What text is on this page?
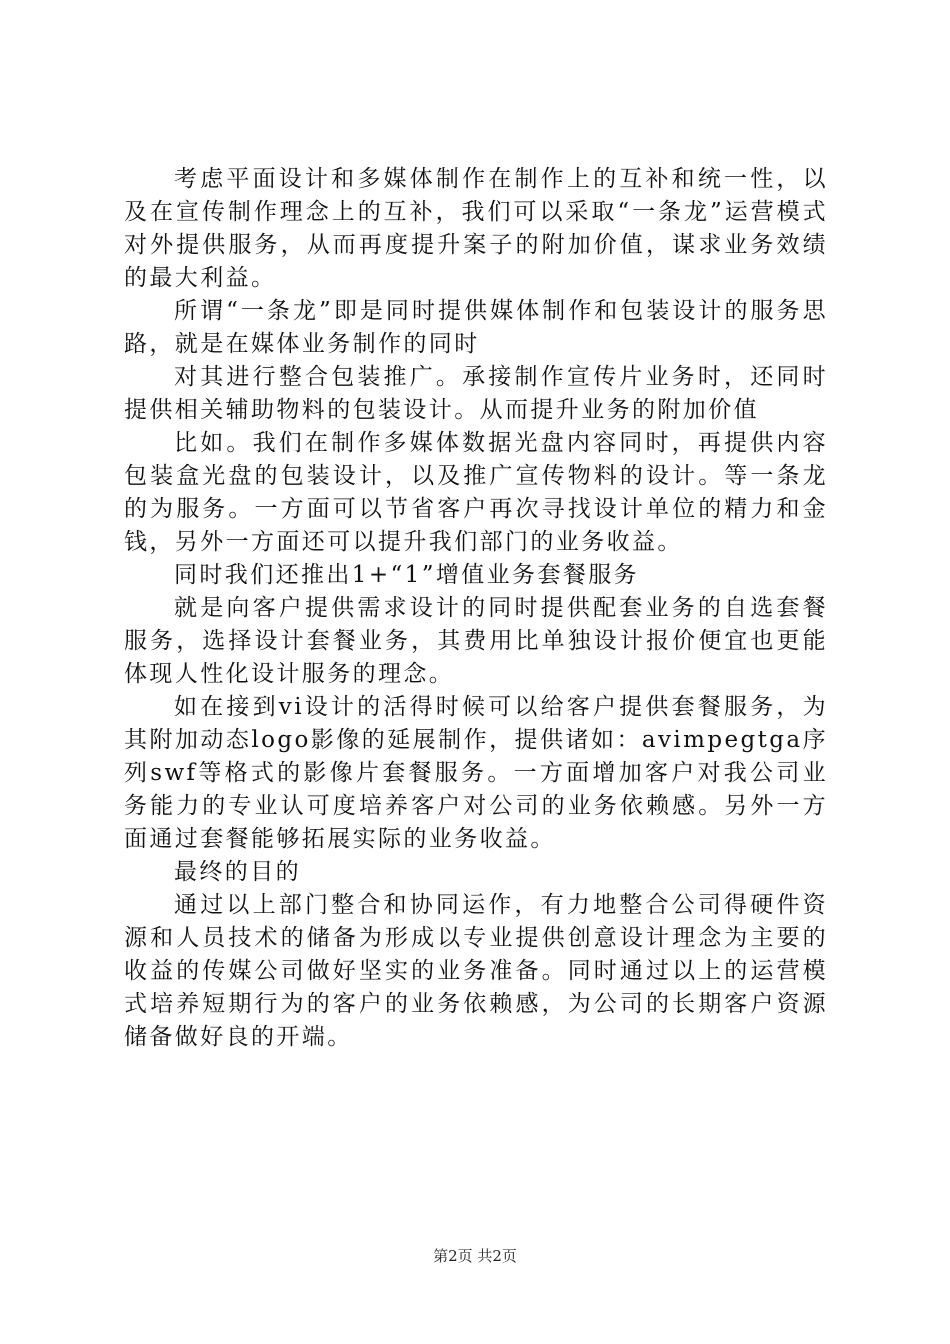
考虑平面设计和多媒体制作在制作上的互补和统一性，以及在宣传制作理念上的互补，我们可以采取“一条龙”运营模式对外提供服务，从而再度提升案子的附加价值，谋求业务效绩的最大利益。

所谓“一条龙”即是同时提供媒体制作和包装设计的服务思路，就是在媒体业务制作的同时

对其进行整合包装推广。承接制作宣传片业务时，还同时提供相关辅助物料的包装设计。从而提升业务的附加价值

比如。我们在制作多媒体数据光盘内容同时，再提供内容包装盒光盘的包装设计，以及推广宣传物料的设计。等一条龙的为服务。一方面可以节省客户再次寻找设计单位的精力和金钱，另外一方面还可以提升我们部门的业务收益。

同时我们还推出1+“1”增值业务套餐服务

就是向客户提供需求设计的同时提供配套业务的自选套餐服务，选择设计套餐业务，其费用比单独设计报价便宜也更能体现人性化设计服务的理念。

如在接到vi设计的活得时候可以给客户提供套餐服务，为其附加动态logo影像的延展制作，提供诸如：avimpegtga序列swf等格式的影像片套餐服务。一方面增加客户对我公司业务能力的专业认可度培养客户对公司的业务依赖感。另外一方面通过套餐能够拓展实际的业务收益。

最终的目的

通过以上部门整合和协同运作，有力地整合公司得硬件资源和人员技术的储备为形成以专业提供创意设计理念为主要的收益的传媒公司做好坚实的业务准备。同时通过以上的运营模式培养短期行为的客户的业务依赖感，为公司的长期客户资源储备做好良的开端。

第2页 共2页
